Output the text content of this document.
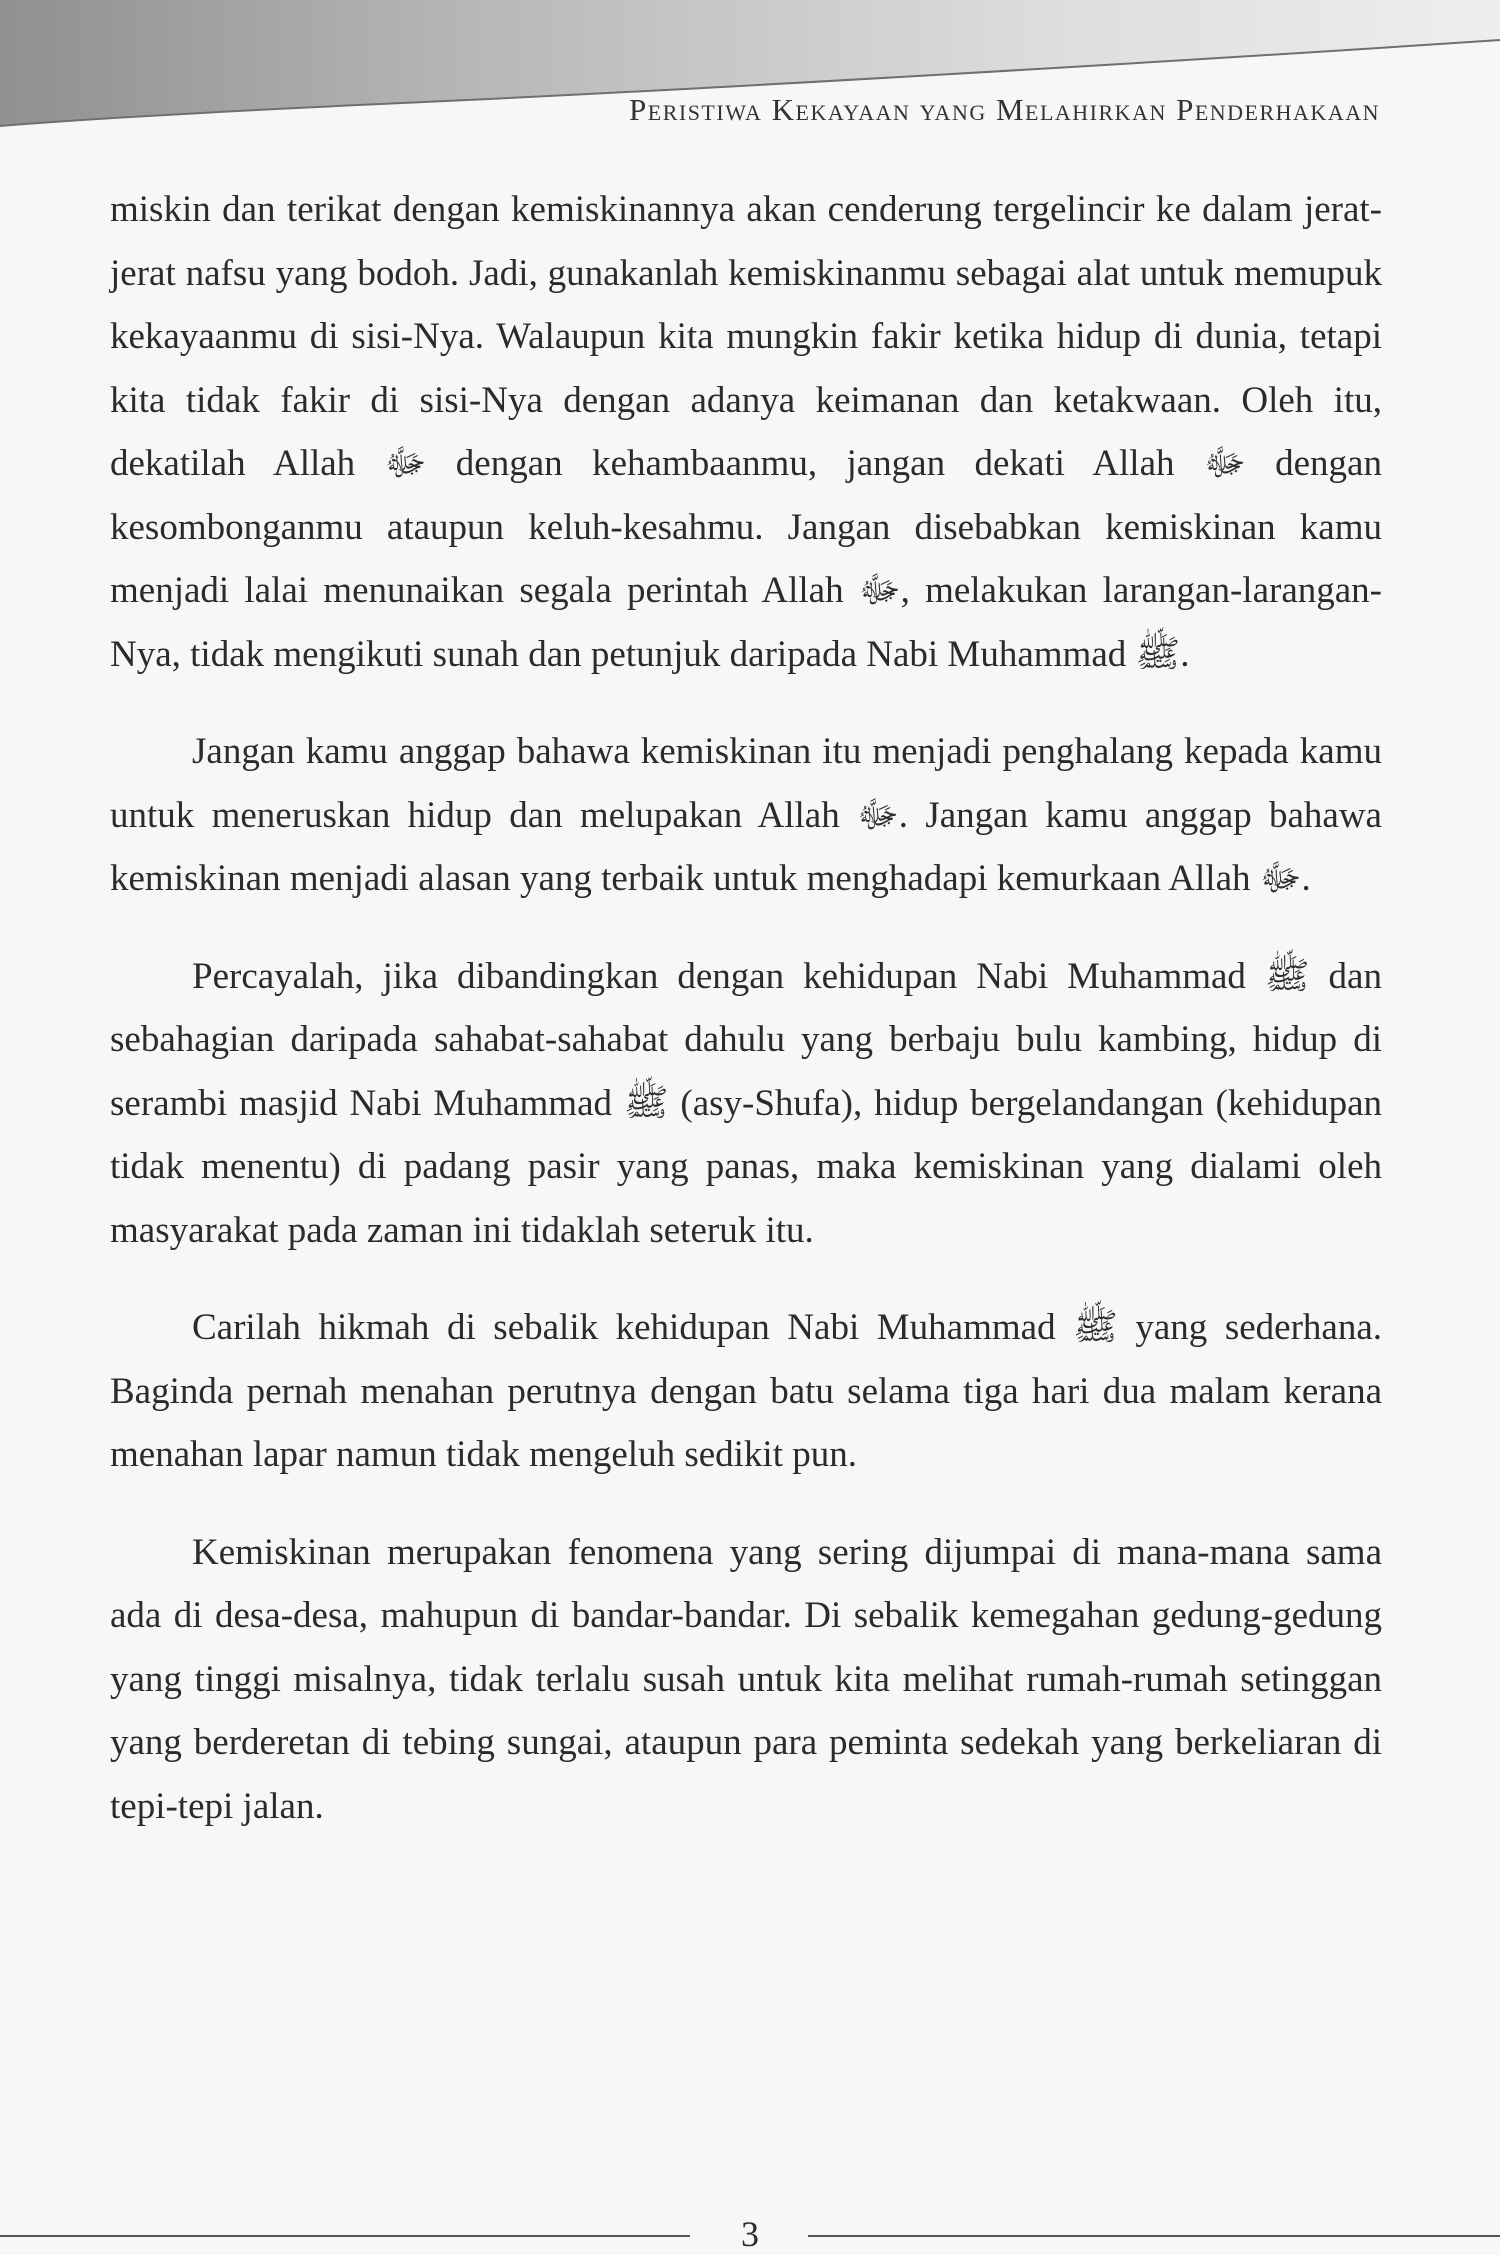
Peristiwa Kekayaan yang Melahirkan Penderhakaan

miskin dan terikat dengan kemiskinannya akan cenderung tergelincir ke dalam jerat-jerat nafsu yang bodoh. Jadi, gunakanlah kemiskinanmu sebagai alat untuk memupuk kekayaanmu di sisi-Nya. Walaupun kita mungkin fakir ketika hidup di dunia, tetapi kita tidak fakir di sisi-Nya dengan adanya keimanan dan ketakwaan. Oleh itu, dekatilah Allah ﷻ dengan kehambaanmu, jangan dekati Allah ﷻ dengan kesombonganmu ataupun keluh-kesahmu. Jangan disebabkan kemiskinan kamu menjadi lalai menunaikan segala perintah Allah ﷻ, melakukan larangan-larangan-Nya, tidak mengikuti sunah dan petunjuk daripada Nabi Muhammad ﷺ.

Jangan kamu anggap bahawa kemiskinan itu menjadi penghalang kepada kamu untuk meneruskan hidup dan melupakan Allah ﷻ. Jangan kamu anggap bahawa kemiskinan menjadi alasan yang terbaik untuk menghadapi kemurkaan Allah ﷻ.

Percayalah, jika dibandingkan dengan kehidupan Nabi Muhammad ﷺ dan sebahagian daripada sahabat-sahabat dahulu yang berbaju bulu kambing, hidup di serambi masjid Nabi Muhammad ﷺ (asy-Shufa), hidup bergelandangan (kehidupan tidak menentu) di padang pasir yang panas, maka kemiskinan yang dialami oleh masyarakat pada zaman ini tidaklah seteruk itu.

Carilah hikmah di sebalik kehidupan Nabi Muhammad ﷺ yang sederhana. Baginda pernah menahan perutnya dengan batu selama tiga hari dua malam kerana menahan lapar namun tidak mengeluh sedikit pun.

Kemiskinan merupakan fenomena yang sering dijumpai di mana-mana sama ada di desa-desa, mahupun di bandar-bandar. Di sebalik kemegahan gedung-gedung yang tinggi misalnya, tidak terlalu susah untuk kita melihat rumah-rumah setinggan yang berderetan di tebing sungai, ataupun para peminta sedekah yang berkeliaran di tepi-tepi jalan.

3
